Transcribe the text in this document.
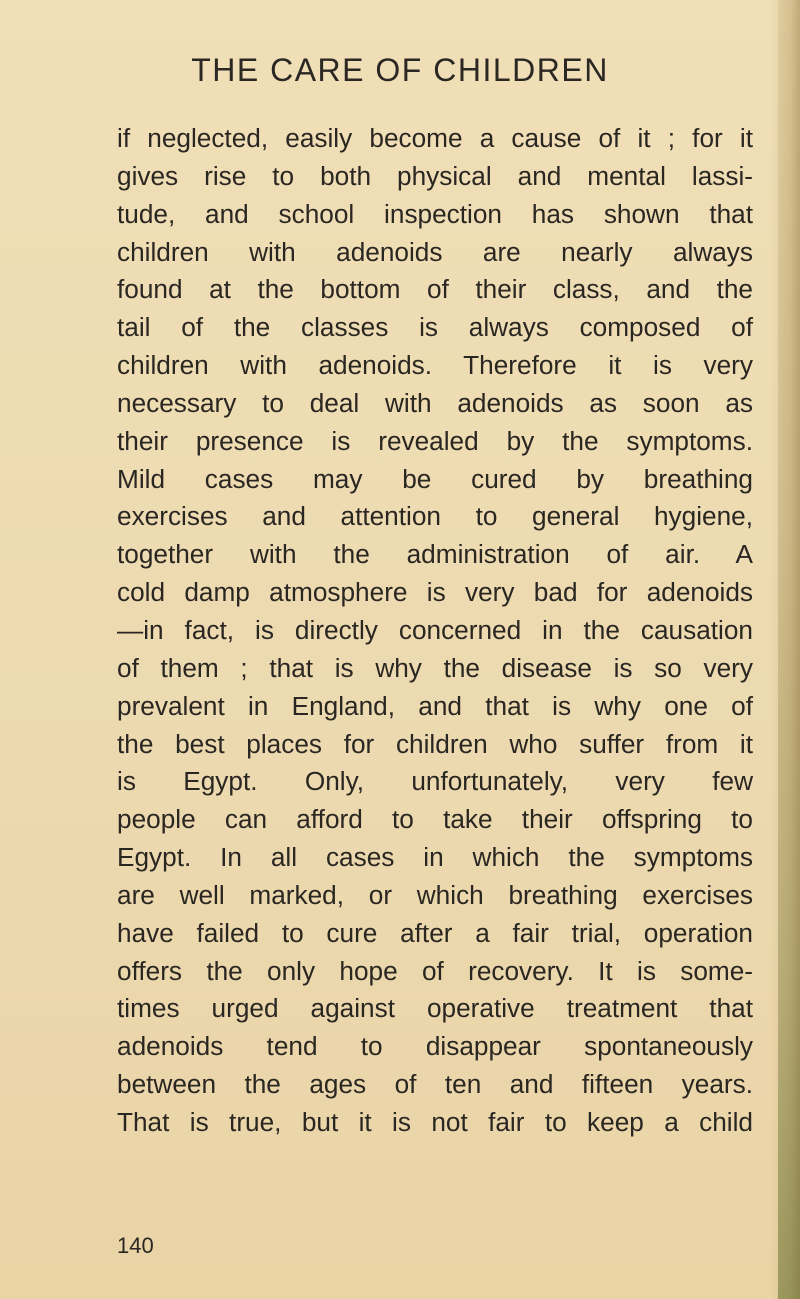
THE CARE OF CHILDREN
if neglected, easily become a cause of it ; for it
gives rise to both physical and mental lassi-
tude, and school inspection has shown that
children with adenoids are nearly always
found at the bottom of their class, and the
tail of the classes is always composed of
children with adenoids. Therefore it is very
necessary to deal with adenoids as soon as
their presence is revealed by the symptoms.
Mild cases may be cured by breathing
exercises and attention to general hygiene,
together with the administration of air. A
cold damp atmosphere is very bad for adenoids
—in fact, is directly concerned in the causation
of them ; that is why the disease is so very
prevalent in England, and that is why one of
the best places for children who suffer from it
is Egypt. Only, unfortunately, very few
people can afford to take their offspring to
Egypt. In all cases in which the symptoms
are well marked, or which breathing exercises
have failed to cure after a fair trial, operation
offers the only hope of recovery. It is some-
times urged against operative treatment that
adenoids tend to disappear spontaneously
between the ages of ten and fifteen years.
That is true, but it is not fair to keep a child
140
